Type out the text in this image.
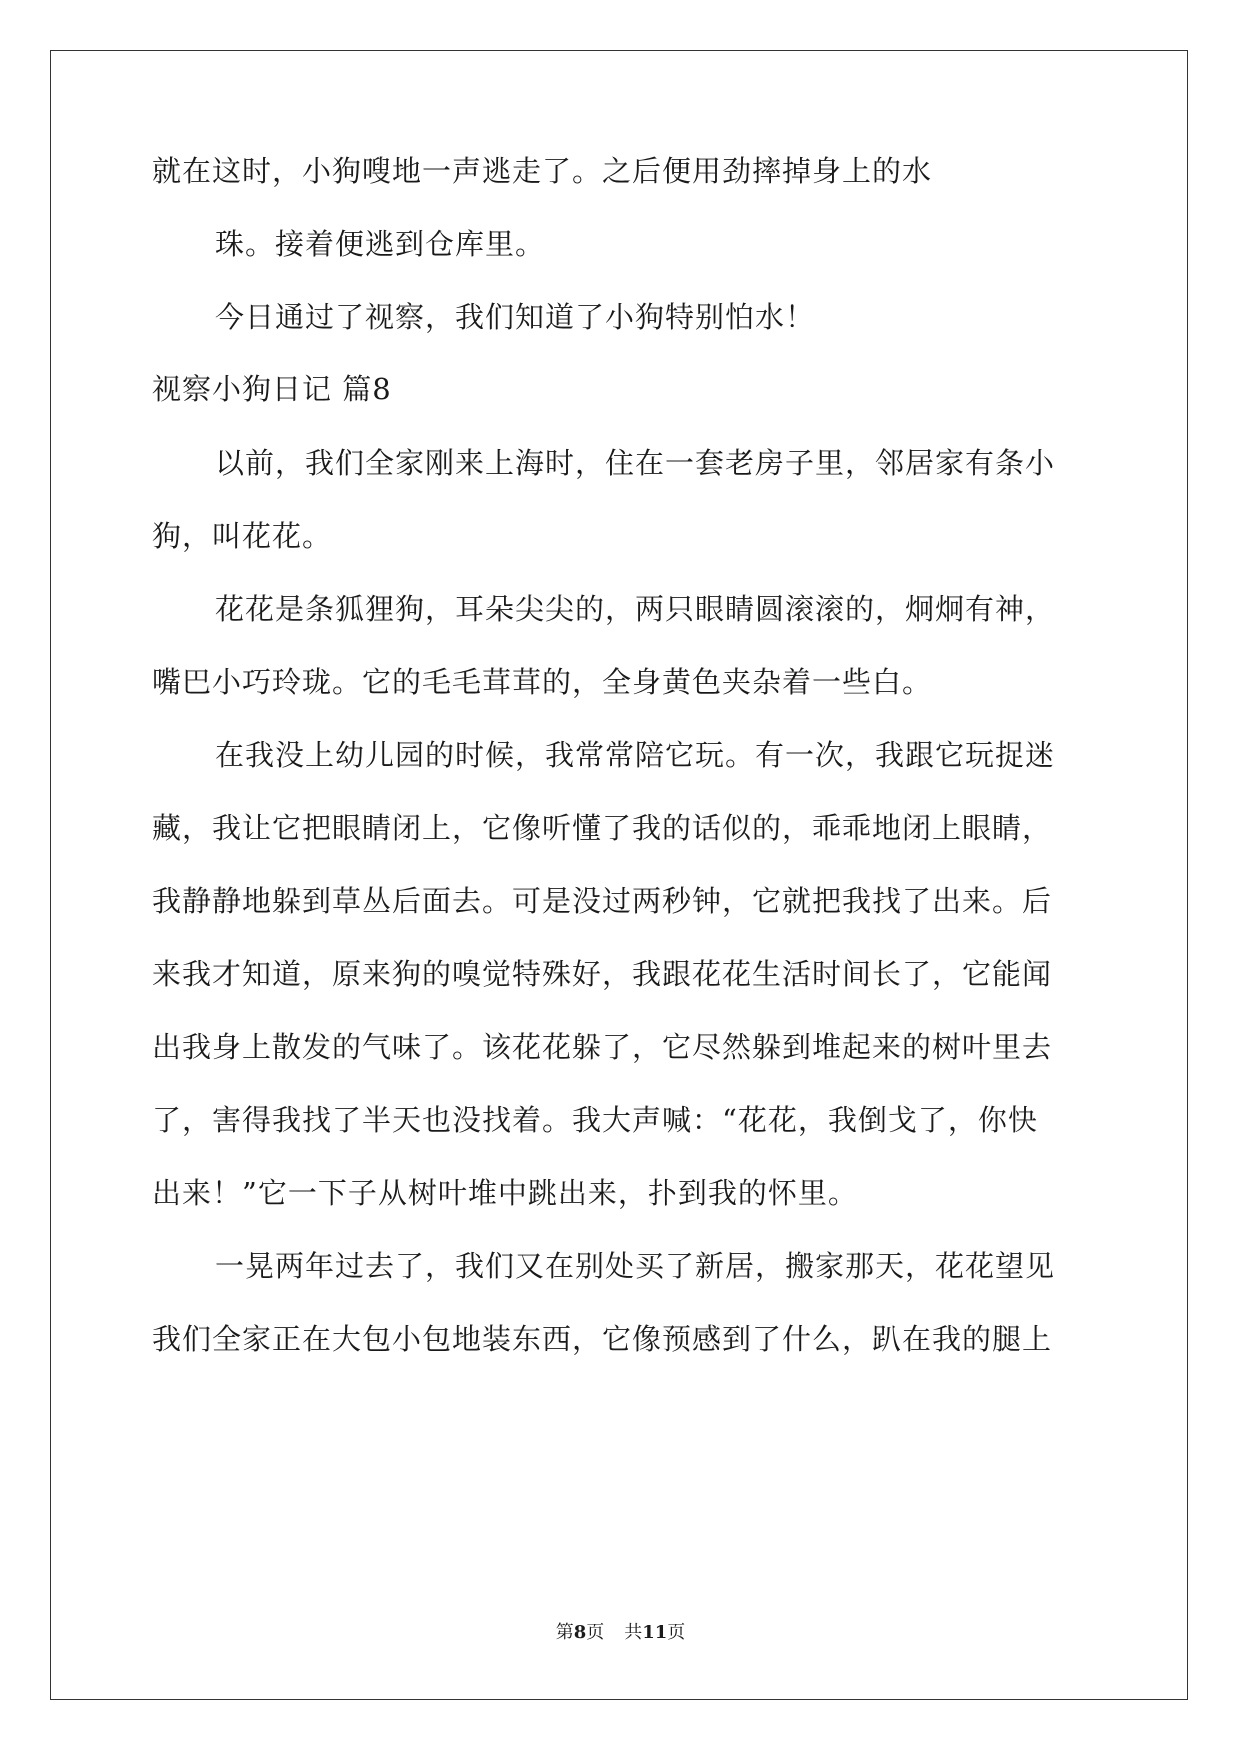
就在这时，小狗嗖地一声逃走了。之后便用劲摔掉身上的水
珠。接着便逃到仓库里。
今日通过了视察，我们知道了小狗特别怕水！
视察小狗日记 篇8
以前，我们全家刚来上海时，住在一套老房子里，邻居家有条小
狗，叫花花。
花花是条狐狸狗，耳朵尖尖的，两只眼睛圆滚滚的，炯炯有神，
嘴巴小巧玲珑。它的毛毛茸茸的，全身黄色夹杂着一些白。
在我没上幼儿园的时候，我常常陪它玩。有一次，我跟它玩捉迷
藏，我让它把眼睛闭上，它像听懂了我的话似的，乖乖地闭上眼睛，
我静静地躲到草丛后面去。可是没过两秒钟，它就把我找了出来。后
来我才知道，原来狗的嗅觉特殊好，我跟花花生活时间长了，它能闻
出我身上散发的气味了。该花花躲了，它尽然躲到堆起来的树叶里去
了，害得我找了半天也没找着。我大声喊：“花花，我倒戈了，你快
出来！”它一下子从树叶堆中跳出来，扑到我的怀里。
一晃两年过去了，我们又在别处买了新居，搬家那天，花花望见
我们全家正在大包小包地装东西，它像预感到了什么，趴在我的腿上
第8页 共11页
